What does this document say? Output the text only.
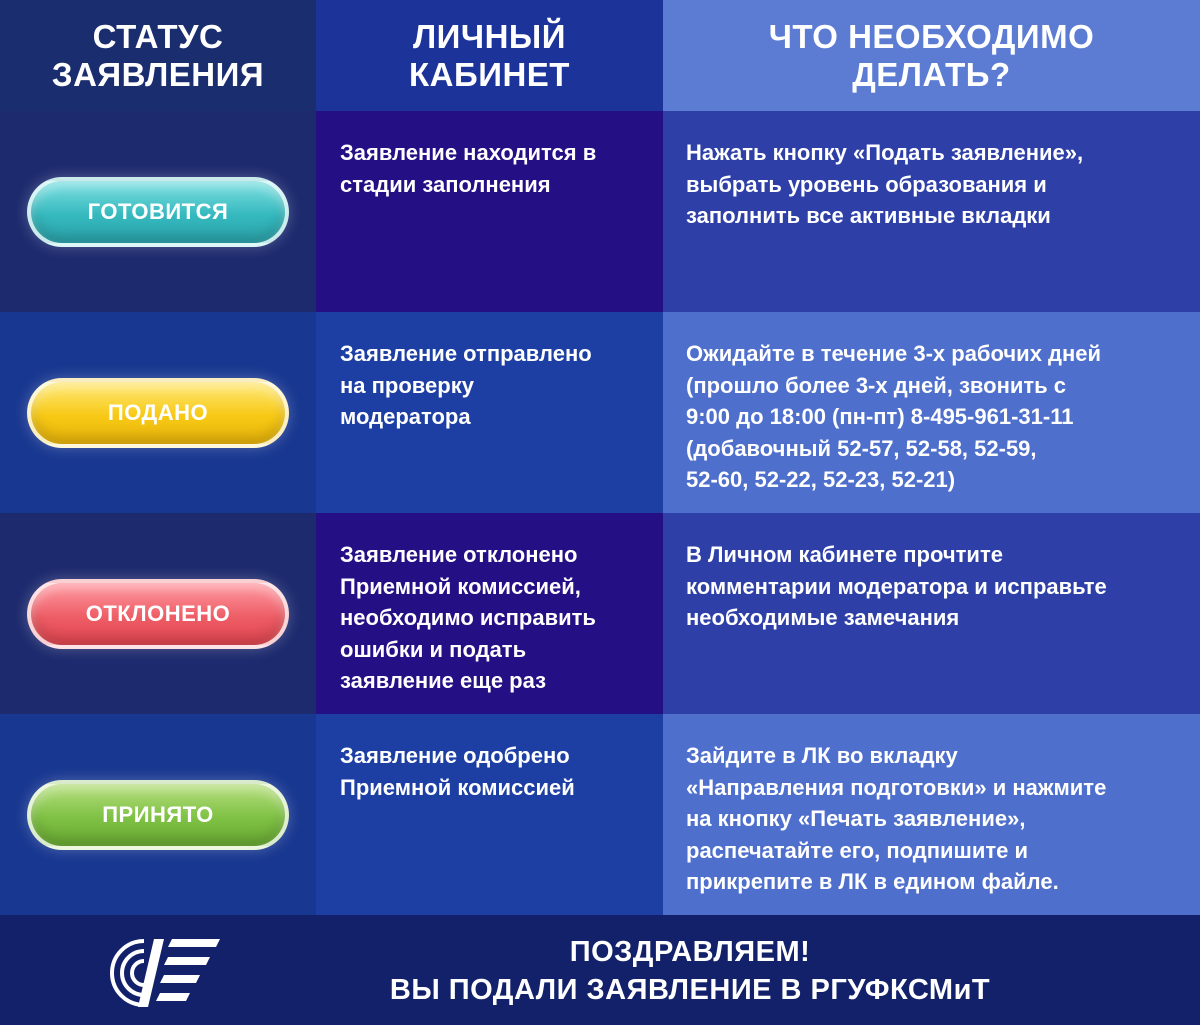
СТАТУС
ЗАЯВЛЕНИЯ
ЛИЧНЫЙ
КАБИНЕТ
ЧТО НЕОБХОДИМО
ДЕЛАТЬ?
ГОТОВИТСЯ
Заявление находится в
стадии заполнения
Нажать кнопку «Подать заявление»,
выбрать уровень образования и
заполнить все активные вкладки
ПОДАНО
Заявление отправлено
на проверку
модератора
Ожидайте в течение 3-х рабочих дней
(прошло более 3-х дней, звонить с
9:00 до 18:00 (пн-пт) 8-495-961-31-11
(добавочный 52-57, 52-58, 52-59,
52-60, 52-22, 52-23, 52-21)
ОТКЛОНЕНО
Заявление отклонено
Приемной комиссией,
необходимо исправить
ошибки и подать
заявление еще раз
В Личном кабинете прочтите
комментарии модератора и исправьте
необходимые замечания
ПРИНЯТО
Заявление одобрено
Приемной комиссией
Зайдите в ЛК во вкладку
«Направления подготовки» и нажмите
на кнопку «Печать заявление»,
распечатайте его, подпишите и
прикрепите в ЛК в едином файле.
ПОЗДРАВЛЯЕМ!
ВЫ ПОДАЛИ ЗАЯВЛЕНИЕ В РГУФКСМиТ
